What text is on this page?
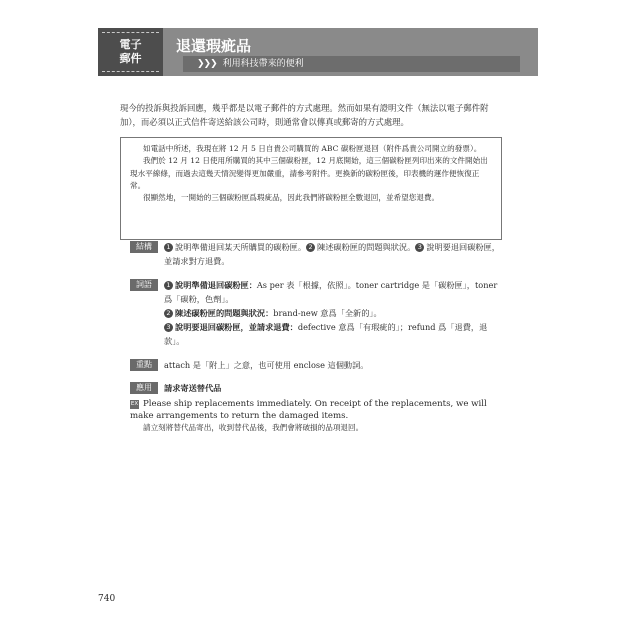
電子
郵件
退還瑕疵品
❯❯❯ 利用科技帶來的便利
現今的投訴與投訴回應，幾乎都是以電子郵件的方式處理。然而如果有證明文件（無法以電子郵件附加），而必須以正式信件寄送給該公司時，則通常會以傳真或郵寄的方式處理。

如電話中所述，我現在將 12 月 5 日自貴公司購買的 ABC 碳粉匣退回（附件爲貴公司開立的發票）。

我們於 12 月 12 日使用所購買的其中三個碳粉匣，12 月底開始，這三個碳粉匣列印出來的文件開始出現水平線條，而過去這幾天情況變得更加嚴重，請參考附件。更換新的碳粉匣後，印表機的運作便恢復正常。

很顯然地，一開始的三個碳粉匣爲瑕疵品，因此我們將碳粉匣全數退回，並希望您退費。

結構	1 說明準備退回某天所購買的碳粉匣。 2 陳述碳粉匣的問題與狀況。 3 說明要退回碳粉匣，並請求對方退費。
詞語	1 說明準備退回碳粉匣：As per 表「根據，依照」。toner cartridge 是「碳粉匣」，toner 爲「碳粉，色劑」。
2 陳述碳粉匣的問題與狀況：brand-new 意爲「全新的」。
3 說明要退回碳粉匣，並請求退費：defective 意爲「有瑕疵的」；refund 爲「退費，退款」。
重點	attach 是「附上」之意，也可使用 enclose 這個動詞。
應用	請求寄送替代品
EX Please ship replacements immediately. On receipt of the replacements, we will make arrangements to return the damaged items.
請立刻將替代品寄出，收到替代品後，我們會將破損的品項退回。
740
